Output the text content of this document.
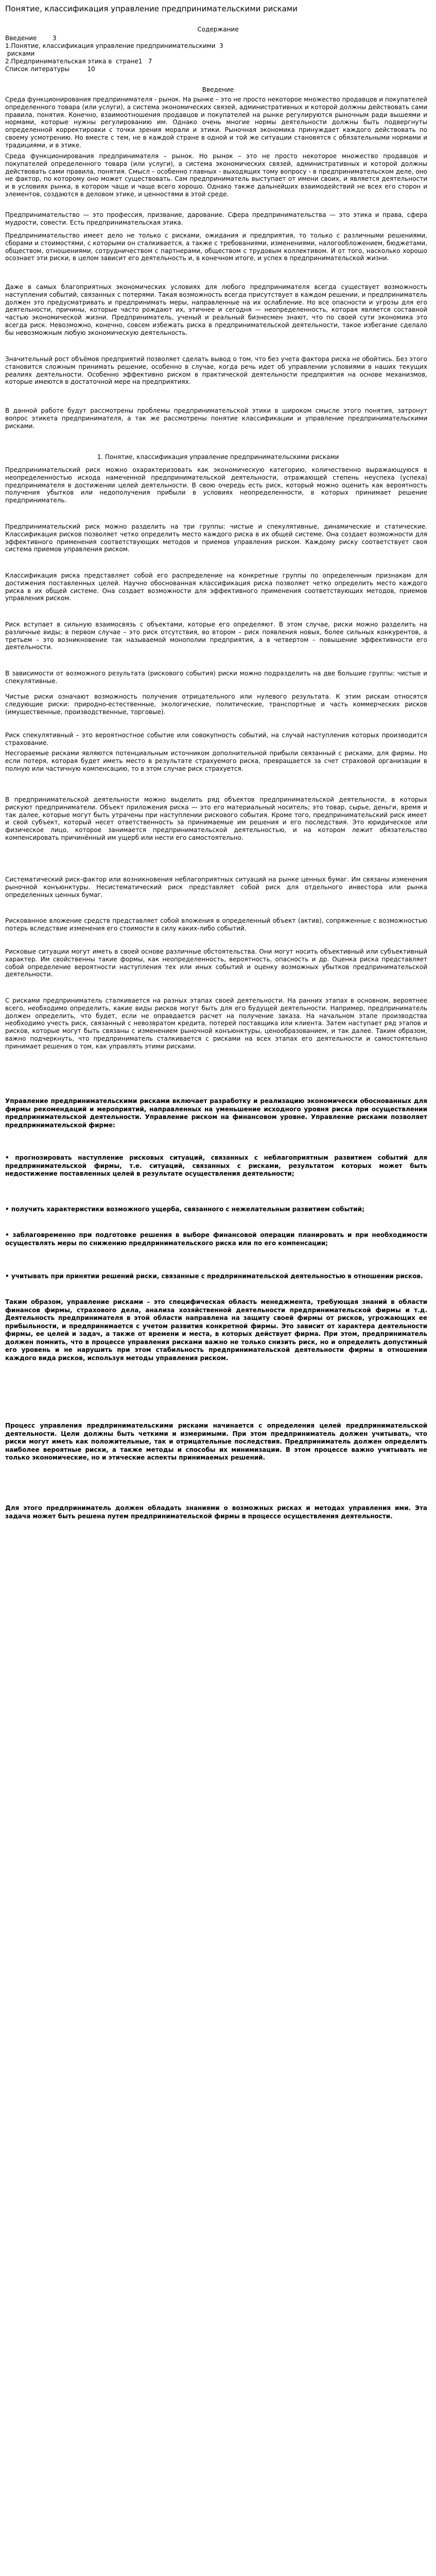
Понятие, классификация управление предпринимательскими рисками
Содержание
Введение        3
1.Понятие, классификация управление предпринимательскими  3
рисками
2.Предпринимательская этика в  стране1   7
Список литературы         10
Введение

Среда функционирования предпринимателя - рынок. На рынке – это не просто некоторое множество продавцов и покупателей определенного товара (или услуги), а система экономических связей, административных и которой должны действовать сами правила, понятия. Конечно, взаимоотношения продавцов и покупателей на рынке регулируются рыночным ради вышеями и нормами, которые нужны регулированию им. Однако очень многие нормы деятельности должны быть подвергнуты определенной корректировки с точки зрения морали и этики. Рыночная экономика принуждает каждого действовать по своему усмотрению. Но вместе с тем, не в каждой стране в одной и той же ситуации становятся с обязательными нормами и традициями, и в этике.

Среда функционирования предпринимателя – рынок. Но рынок – это не просто некоторое множество продавцов и покупателей определенного товара (или услуги), а система экономических связей, административных и которой должны действовать сами правила, понятия. Смысл – особенно главных - выходящих тому вопросу - в предпринимательском деле, оно не фактор, по которому оно может существовать. Сам предприниматель выступает от имени своих, и является деятельности и в условиях рынка, в котором чаще и чаще всего хорошо. Однако также дальнейших взаимодействий не всех его сторон и элементов, создаются в деловом этике, и ценностями в этой среде.

Предпринимательство — это профессия, призвание, дарование. Сфера предпринимательства — это этика и права, сфера мудрости, совести. Есть предпринимательская этика.

Предпринимательство имеет дело не только с рисками, ожидания и предприятия, то только с различными решениями, сборами и стоимостями, с которыми он сталкивается, а также с требованиями, изменениями, налогообложением, бюджетами, обществом, отношениями, сотрудничеством с партнерами, обществом с трудовым коллективом. И от того, насколько хорошо осознает эти риски, в целом зависит его деятельность и, в конечном итоге, и успех в предпринимательской жизни.

Даже в самых благоприятных экономических условиях для любого предпринимателя всегда существует возможность наступления событий, связанных с потерями. Такая возможность всегда присутствует в каждом решении, и предприниматель должен это предусматривать и предпринимать меры, направленные на их ослабление. Но все опасности и угрозы для его деятельности, причины, которые часто рождают их, этичнее и сегодня — неопределенность, которая является составной частью экономической жизни. Предприниматель, ученый и реальный бизнесмен знают, что по своей сути экономика это всегда риск. Невозможно, конечно, совсем избежать риска в предпринимательской деятельности, такое избегание сделало бы невозможным любую экономическую деятельность.

Значительный рост объёмов предприятий позволяет сделать вывод о том, что без учета фактора риска не обойтись. Без этого становится сложным принимать решение, особенно в случае, когда речь идет об управлении условиями в наших текущих реалиях деятельности. Особенно эффективно риском в практической деятельности предприятия на основе механизмов, которые имеются в достаточной мере на предприятиях.

В данной работе будут рассмотрены проблемы предпринимательской этики в широком смысле этого понятия, затронут вопрос этикета предпринимателя, а так же рассмотрены понятие классификации и управление предпринимательскими рисками.

1. Понятие, классификация управление предпринимательскими рисками

Предпринимательский риск можно охарактеризовать как экономическую категорию, количественно выражающуюся в неопределенностью исхода намеченной предпринимательской деятельности, отражающей степень неуспеха (успеха) предпринимателя в достижении целей деятельности. В свою очередь есть риск, который можно оценить как вероятность получения убытков или недополучения прибыли в условиях неопределенности, в которых принимает решение предприниматель.

Предпринимательский риск можно разделить на три группы: чистые и спекулятивные, динамические и статические. Классификация рисков позволяет четко определить место каждого риска в их общей системе. Она создает возможности для эффективного применения соответствующих методов и приемов управления риском. Каждому риску соответствует своя система приемов управления риском.

Классификация риска представляет собой его распределение на конкретные группы по определенным признакам для достижения поставленных целей. Научно обоснованная классификация риска позволяет четко определить место каждого риска в их общей системе. Она создает возможности для эффективного применения соответствующих методов, приемов управления риском.

Риск вступает в сильную взаимосвязь с объектами, которые его определяют. В этом случае, риски можно разделить на различные виды; в первом случае – это риск отсутствия, во втором – риск появления новых, более сильных конкурентов, а третьем – это возникновение так называемой монополии предприятия, а в четвертом – повышение эффективности его деятельности.

В зависимости от возможного результата (рискового события) риски можно подразделить на две большие группы: чистые и спекулятивные.

Чистые риски означают возможность получения отрицательного или нулевого результата. К этим рискам относятся следующие риски: природно-естественные, экологические, политические, транспортные и часть коммерческих рисков (имущественные, производственные, торговые).

Риск спекулятивный – это вероятностное событие или совокупность событий, на случай наступления которых производится страхование.

Несгораемые рисками являются потенциальным источником дополнительной прибыли связанный с рисками, для фирмы. Но если потеря, которая будет иметь место в результате страхуемого риска, превращается за счет страховой организации в полную или частичную компенсацию, то в этом случае риск страхуется.

В предпринимательской деятельности можно выделить ряд объектов предпринимательской деятельности, в которых рискуют предприниматели. Объект приложения риска — это его материальный носитель; это товар, сырье, деньги, время и так далее, которые могут быть утрачены при наступлении рискового события. Кроме того, предпринимательский риск имеет и свой субъект, который несет ответственность за принимаемые им решения и его последствия. Это юридическое или физическое лицо, которое занимается предпринимательской деятельностью, и на котором лежит обязательство компенсировать причинённый им ущерб или нести его самостоятельно.

Систематический риск-фактор или возникновения неблагоприятных ситуаций на рынке ценных бумаг. Им связаны изменения рыночной конъюнктуры. Несистематический риск представляет собой риск для отдельного инвестора или рынка определенных ценных бумаг.

Рискованное вложение средств представляет собой вложения в определенный объект (актив), сопряженные с возможностью потерь вследствие изменения его стоимости в силу каких-либо событий.

Рисковые ситуации могут иметь в своей основе различные обстоятельства. Они могут носить объективный или субъективный характер. Им свойственны такие формы, как неопределенность, вероятность, опасность и др. Оценка риска представляет собой определение вероятности наступления тех или иных событий и оценку возможных убытков предпринимательской деятельности.

С рисками предприниматель сталкивается на разных этапах своей деятельности. На ранних этапах в основном, вероятнее всего, необходимо определить, какие виды рисков могут быть для его будущей деятельности. Например, предприниматель должен определить, что будет, если не оправдается расчет на получение заказа. На начальном этапе производства необходимо учесть риск, связанный с невозвратом кредита, потерей поставщика или клиента. Затем наступает ряд этапов и рисков, которые могут быть связаны с изменением рыночной конъюнктуры, ценообразованием, и так далее. Таким образом, важно подчеркнуть, что предприниматель сталкивается с рисками на всех этапах его деятельности и самостоятельно принимает решения о том, как управлять этими рисками.

Управление предпринимательскими рисками включает разработку и реализацию экономически обоснованных для фирмы рекомендаций и мероприятий, направленных на уменьшение исходного уровня риска при осуществлении предпринимательской деятельности. Управление риском на финансовом уровне. Управление рисками позволяет предпринимательской фирме:

• прогнозировать наступление рисковых ситуаций, связанных с неблагоприятным развитием событий для предпринимательской фирмы, т.е. ситуаций, связанных с рисками, результатом которых может быть недостижение поставленных целей в результате осуществления деятельности;

• получить характеристики возможного ущерба, связанного с нежелательным развитием событий;

• заблаговременно при подготовке решения в выборе финансовой операции планировать и при необходимости осуществлять меры по снижению предпринимательского риска или по его компенсации;

• учитывать при принятии решений риски, связанные с предпринимательской деятельностью в отношении рисков.

Таким образом, управление рисками – это специфическая область менеджмента, требующая знаний в области финансов фирмы, страхового дела, анализа хозяйственной деятельности предпринимательской фирмы и т.д. Деятельность предпринимателя в этой области направлена на защиту своей фирмы от рисков, угрожающих ее прибыльности, и предпринимается с учетом развития конкретной фирмы. Это зависит от характера деятельности фирмы, ее целей и задач, а также от времени и места, в которых действует фирма. При этом, предприниматель должен помнить, что в процессе управления рисками важно не только снизить риск, но и определить допустимый его уровень и не нарушить при этом стабильность предпринимательской деятельности фирмы в отношении каждого вида рисков, используя методы управления риском.

Процесс управления предпринимательскими рисками начинается с определения целей предпринимательской деятельности. Цели должны быть четкими и измеримыми. При этом предприниматель должен учитывать, что риски могут иметь как положительные, так и отрицательные последствия. Предприниматель должен определить наиболее вероятные риски, а также методы и способы их минимизации. В этом процессе важно учитывать не только экономические, но и этические аспекты принимаемых решений.

Для этого предприниматель должен обладать знаниями о возможных рисках и методах управления ими. Эта задача может быть решена путем предпринимательской фирмы в процессе осуществления деятельности.
